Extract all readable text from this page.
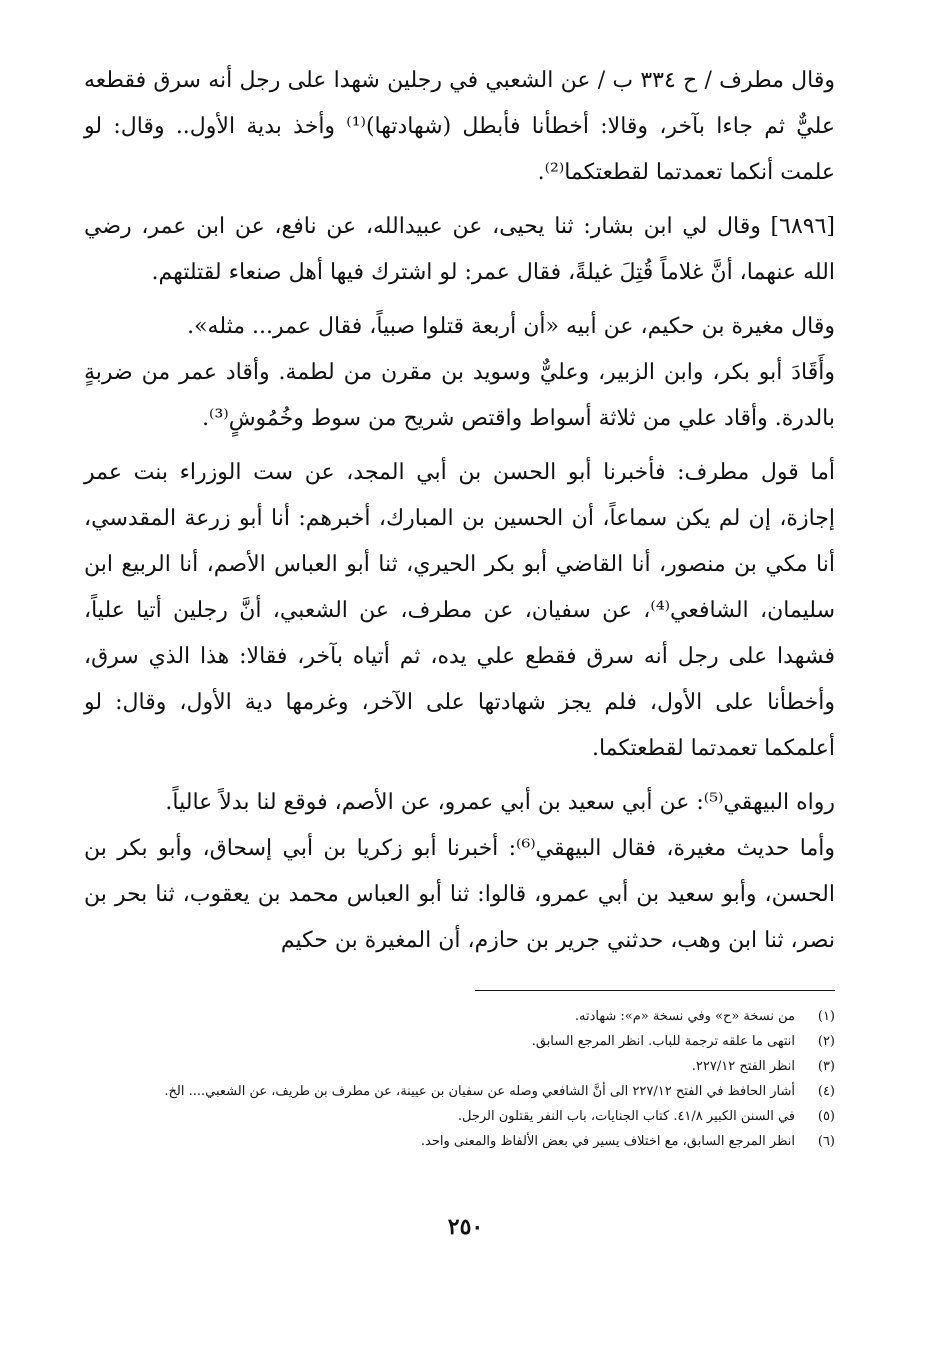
وقال مطرف / ح ٣٣٤ ب / عن الشعبي في رجلين شهدا على رجل أنه سرق فقطعه عليٌّ ثم جاءا بآخر، وقالا: أخطأنا فأبطل (شهادتها)⁽¹⁾ وأخذ بدية الأول.. وقال: لو علمت أنكما تعمدتما لقطعتكما⁽²⁾.

[٦٨٩٦] وقال لي ابن بشار: ثنا يحيى، عن عبيدالله، عن نافع، عن ابن عمر، رضي الله عنهما، أنَّ غلاماً قُتِلَ غيلةً، فقال عمر: لو اشترك فيها أهل صنعاء لقتلتهم.

وقال مغيرة بن حكيم، عن أبيه «أن أربعة قتلوا صبياً، فقال عمر... مثله».

وأَقَادَ أبو بكر، وابن الزبير، وعليٌّ وسويد بن مقرن من لطمة. وأقاد عمر من ضربةٍ بالدرة. وأقاد علي من ثلاثة أسواط واقتص شريح من سوط وخُمُوشٍ⁽³⁾.

أما قول مطرف: فأخبرنا أبو الحسن بن أبي المجد، عن ست الوزراء بنت عمر إجازة، إن لم يكن سماعاً، أن الحسين بن المبارك، أخبرهم: أنا أبو زرعة المقدسي، أنا مكي بن منصور، أنا القاضي أبو بكر الحيري، ثنا أبو العباس الأصم، أنا الربيع ابن سليمان، الشافعي⁽⁴⁾، عن سفيان، عن مطرف، عن الشعبي، أنَّ رجلين أتيا علياً، فشهدا على رجل أنه سرق فقطع علي يده، ثم أتياه بآخر، فقالا: هذا الذي سرق، وأخطأنا على الأول، فلم يجز شهادتها على الآخر، وغرمها دية الأول، وقال: لو أعلمكما تعمدتما لقطعتكما.

رواه البيهقي⁽⁵⁾: عن أبي سعيد بن أبي عمرو، عن الأصم، فوقع لنا بدلاً عالياً.

وأما حديث مغيرة، فقال البيهقي⁽⁶⁾: أخبرنا أبو زكريا بن أبي إسحاق، وأبو بكر بن الحسن، وأبو سعيد بن أبي عمرو، قالوا: ثنا أبو العباس محمد بن يعقوب، ثنا بحر بن نصر، ثنا ابن وهب، حدثني جرير بن حازم، أن المغيرة بن حكيم

(١)
من نسخة «ح» وفي نسخة «م»: شهادته.
(٢)
انتهى ما علقه ترجمة للباب. انظر المرجع السابق.
(٣)
انظر الفتح ٢٢٧/١٢.
(٤)
أشار الحافظ في الفتح ٢٢٧/١٢ الى أنَّ الشافعي وصله عن سفيان بن عيينة، عن مطرف بن طريف، عن الشعبي.... الخ.
(٥)
في السنن الكبير ٤١/٨. كتاب الجنايات، باب النفر يقتلون الرجل.
(٦)
انظر المرجع السابق، مع اختلاف يسير في بعض الألفاظ والمعنى واحد.
٢٥٠
